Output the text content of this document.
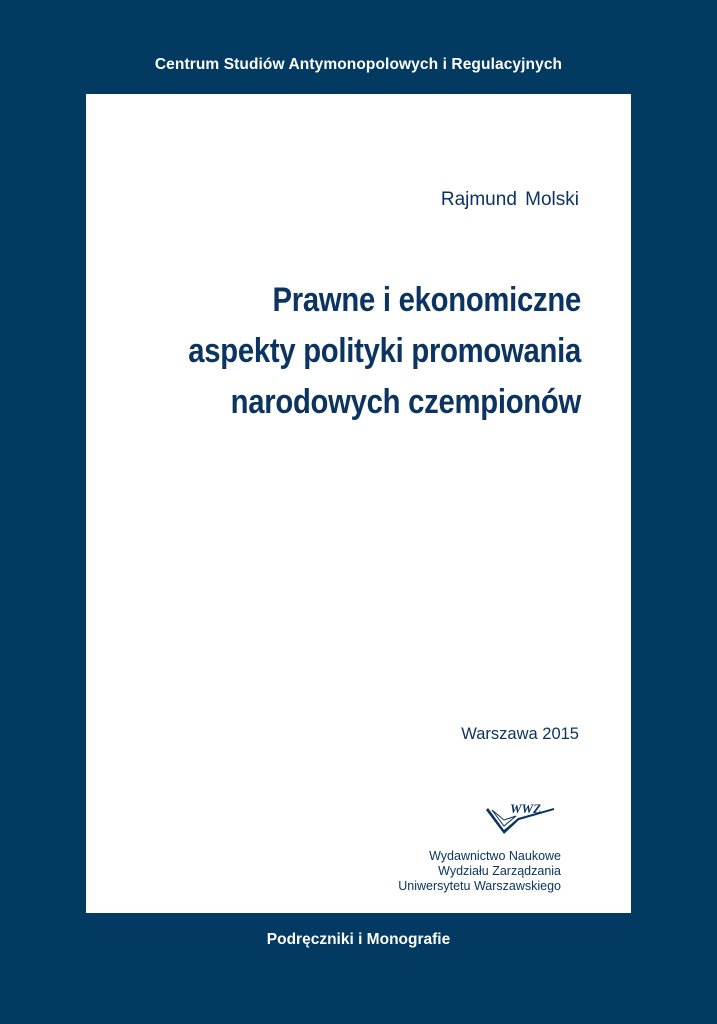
Centrum Studiów Antymonopolowych i Regulacyjnych
Rajmund Molski
Prawne i ekonomiczne
aspekty polityki promowania
narodowych czempionów
Warszawa 2015
WWZ
Wydawnictwo Naukowe
Wydziału Zarządzania
Uniwersytetu Warszawskiego
Podręczniki i Monografie
